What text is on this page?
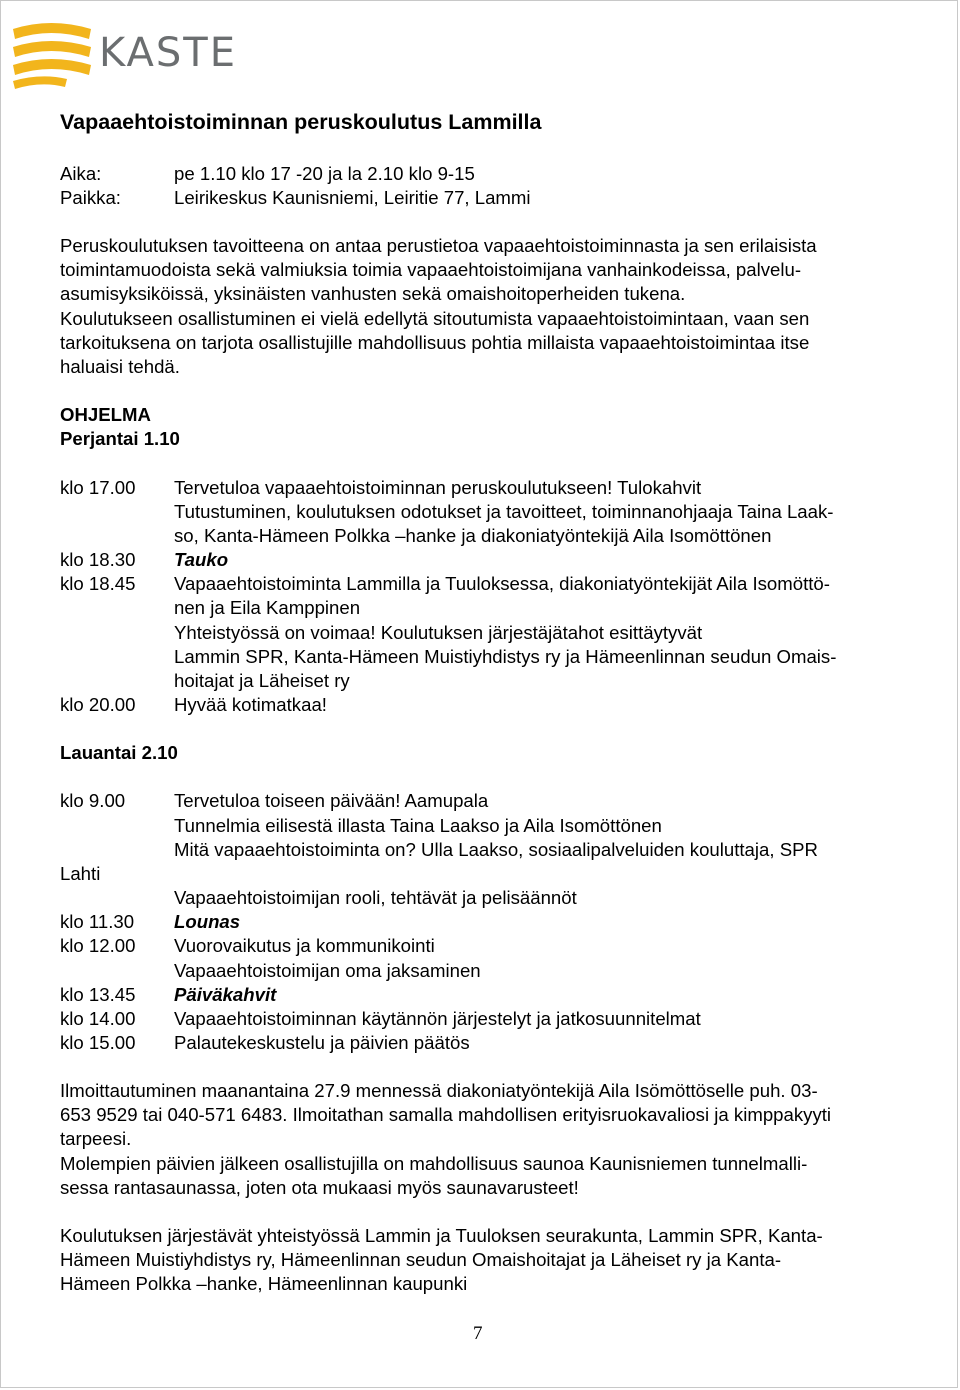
KASTE
Vapaaehtoistoiminnan peruskoulutus Lammilla
Aika:	pe 1.10 klo 17 -20 ja la 2.10 klo 9-15
Paikka:	Leirikeskus Kaunisniemi, Leiritie 77, Lammi
Peruskoulutuksen tavoitteena on antaa perustietoa vapaaehtoistoiminnasta ja sen erilaisista
toimintamuodoista sekä valmiuksia toimia vapaaehtoistoimijana vanhainkodeissa, palvelu-
asumisyksiköissä, yksinäisten vanhusten sekä omaishoitoperheiden tukena.
Koulutukseen osallistuminen ei vielä edellytä sitoutumista vapaaehtoistoimintaan, vaan sen
tarkoituksena on tarjota osallistujille mahdollisuus pohtia millaista vapaaehtoistoimintaa itse
haluaisi tehdä.
OHJELMA
Perjantai 1.10
klo 17.00
klo 18.30
klo 18.45
klo 20.00
Tervetuloa vapaaehtoistoiminnan peruskoulutukseen! Tulokahvit
Tutustuminen, koulutuksen odotukset ja tavoitteet, toiminnanohjaaja Taina Laak-
so, Kanta-Hämeen Polkka –hanke ja diakoniatyöntekijä Aila Isomöttönen
Tauko
Vapaaehtoistoiminta Lammilla ja Tuuloksessa, diakoniatyöntekijät Aila Isomöttö-
nen ja Eila Kamppinen
Yhteistyössä on voimaa! Koulutuksen järjestäjätahot esittäytyvät
Lammin SPR, Kanta-Hämeen Muistiyhdistys ry ja Hämeenlinnan seudun Omais-
hoitajat ja Läheiset ry
Hyvää kotimatkaa!
Lauantai 2.10
klo 9.00
Lahti
klo 11.30
klo 12.00
klo 13.45
klo 14.00
klo 15.00
Tervetuloa toiseen päivään! Aamupala
Tunnelmia eilisestä illasta Taina Laakso ja Aila Isomöttönen
Mitä vapaaehtoistoiminta on? Ulla Laakso, sosiaalipalveluiden kouluttaja, SPR
Vapaaehtoistoimijan rooli, tehtävät ja pelisäännöt
Lounas
Vuorovaikutus ja kommunikointi
Vapaaehtoistoimijan oma jaksaminen
Päiväkahvit
Vapaaehtoistoiminnan käytännön järjestelyt ja jatkosuunnitelmat
Palautekeskustelu ja päivien päätös
Ilmoittautuminen maanantaina 27.9 mennessä diakoniatyöntekijä Aila Isömöttöselle puh. 03-
653 9529 tai 040-571 6483. Ilmoitathan samalla mahdollisen erityisruokavaliosi ja kimppakyyti
tarpeesi.
Molempien päivien jälkeen osallistujilla on mahdollisuus saunoa Kaunisniemen tunnelmalli-
sessa rantasaunassa, joten ota mukaasi myös saunavarusteet!
Koulutuksen järjestävät yhteistyössä Lammin ja Tuuloksen seurakunta, Lammin SPR, Kanta-
Hämeen Muistiyhdistys ry, Hämeenlinnan seudun Omaishoitajat ja Läheiset ry ja Kanta-
Hämeen Polkka –hanke, Hämeenlinnan kaupunki
7
